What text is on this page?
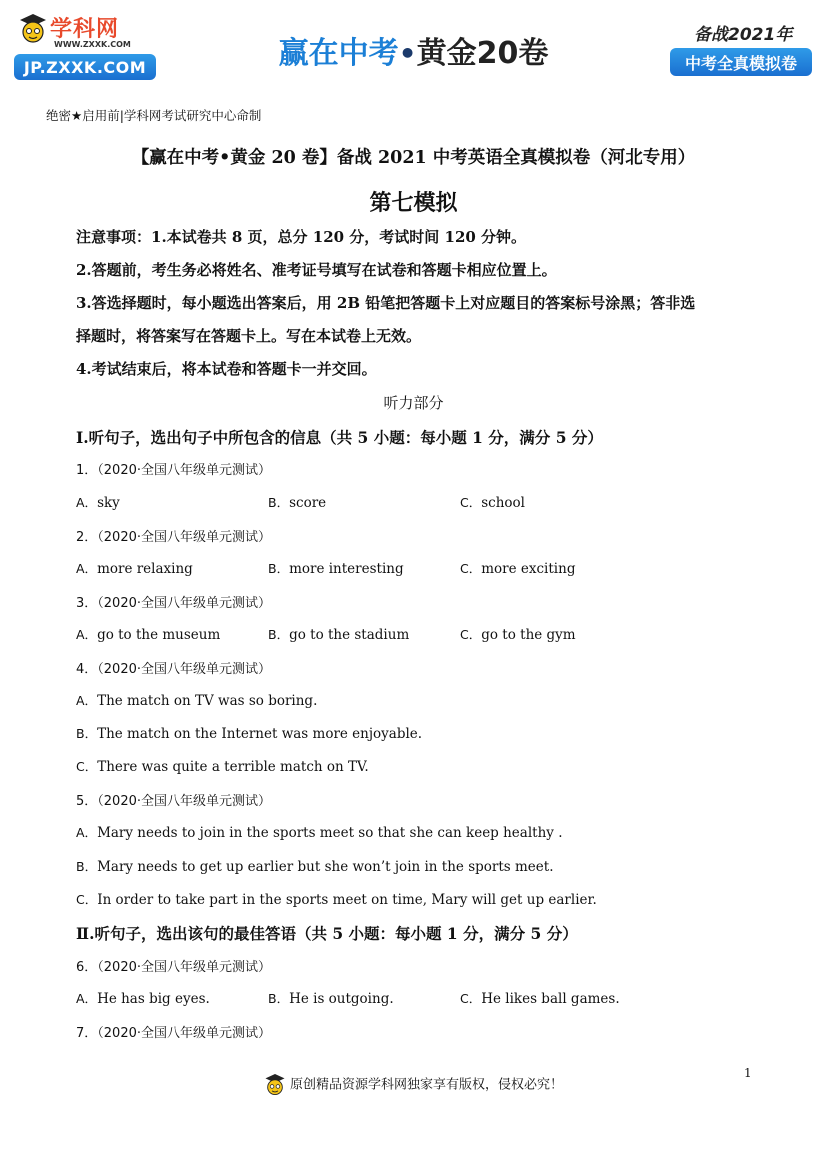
学科网
WWW.ZXXK.COM
JP.ZXXK.COM	赢在中考•黄金20卷
备战2021年
中考全真模拟卷
绝密★启用前|学科网考试研究中心命制
【赢在中考•黄金 20 卷】备战 2021 中考英语全真模拟卷（河北专用）
第七模拟
注意事项：1.本试卷共 8 页，总分 120 分，考试时间 120 分钟。
2.答题前，考生务必将姓名、准考证号填写在试卷和答题卡相应位置上。
3.答选择题时，每小题选出答案后，用 2B 铅笔把答题卡上对应题目的答案标号涂黑；答非选
择题时，将答案写在答题卡上。写在本试卷上无效。
4.考试结束后，将本试卷和答题卡一并交回。
听力部分
Ⅰ.听句子，选出句子中所包含的信息（共 5 小题：每小题 1 分，满分 5 分）
1．（2020·全国八年级单元测试）
A．sky	B．score	C．school
2．（2020·全国八年级单元测试）
A．more relaxing	B．more interesting	C．more exciting
3．（2020·全国八年级单元测试）
A．go to the museum	B．go to the stadium	C．go to the gym
4．（2020·全国八年级单元测试）
A．The match on TV was so boring.
B．The match on the Internet was more enjoyable.
C．There was quite a terrible match on TV.
5．（2020·全国八年级单元测试）
A．Mary needs to join in the sports meet so that she can keep healthy .
B．Mary needs to get up earlier but she won’t join in the sports meet.
C．In order to take part in the sports meet on time, Mary will get up earlier.
Ⅱ.听句子，选出该句的最佳答语（共 5 小题：每小题 1 分，满分 5 分）
6．（2020·全国八年级单元测试）
A．He has big eyes.	B．He is outgoing.	C．He likes ball games.
7．（2020·全国八年级单元测试）
原创精品资源学科网独家享有版权，侵权必究！
1
